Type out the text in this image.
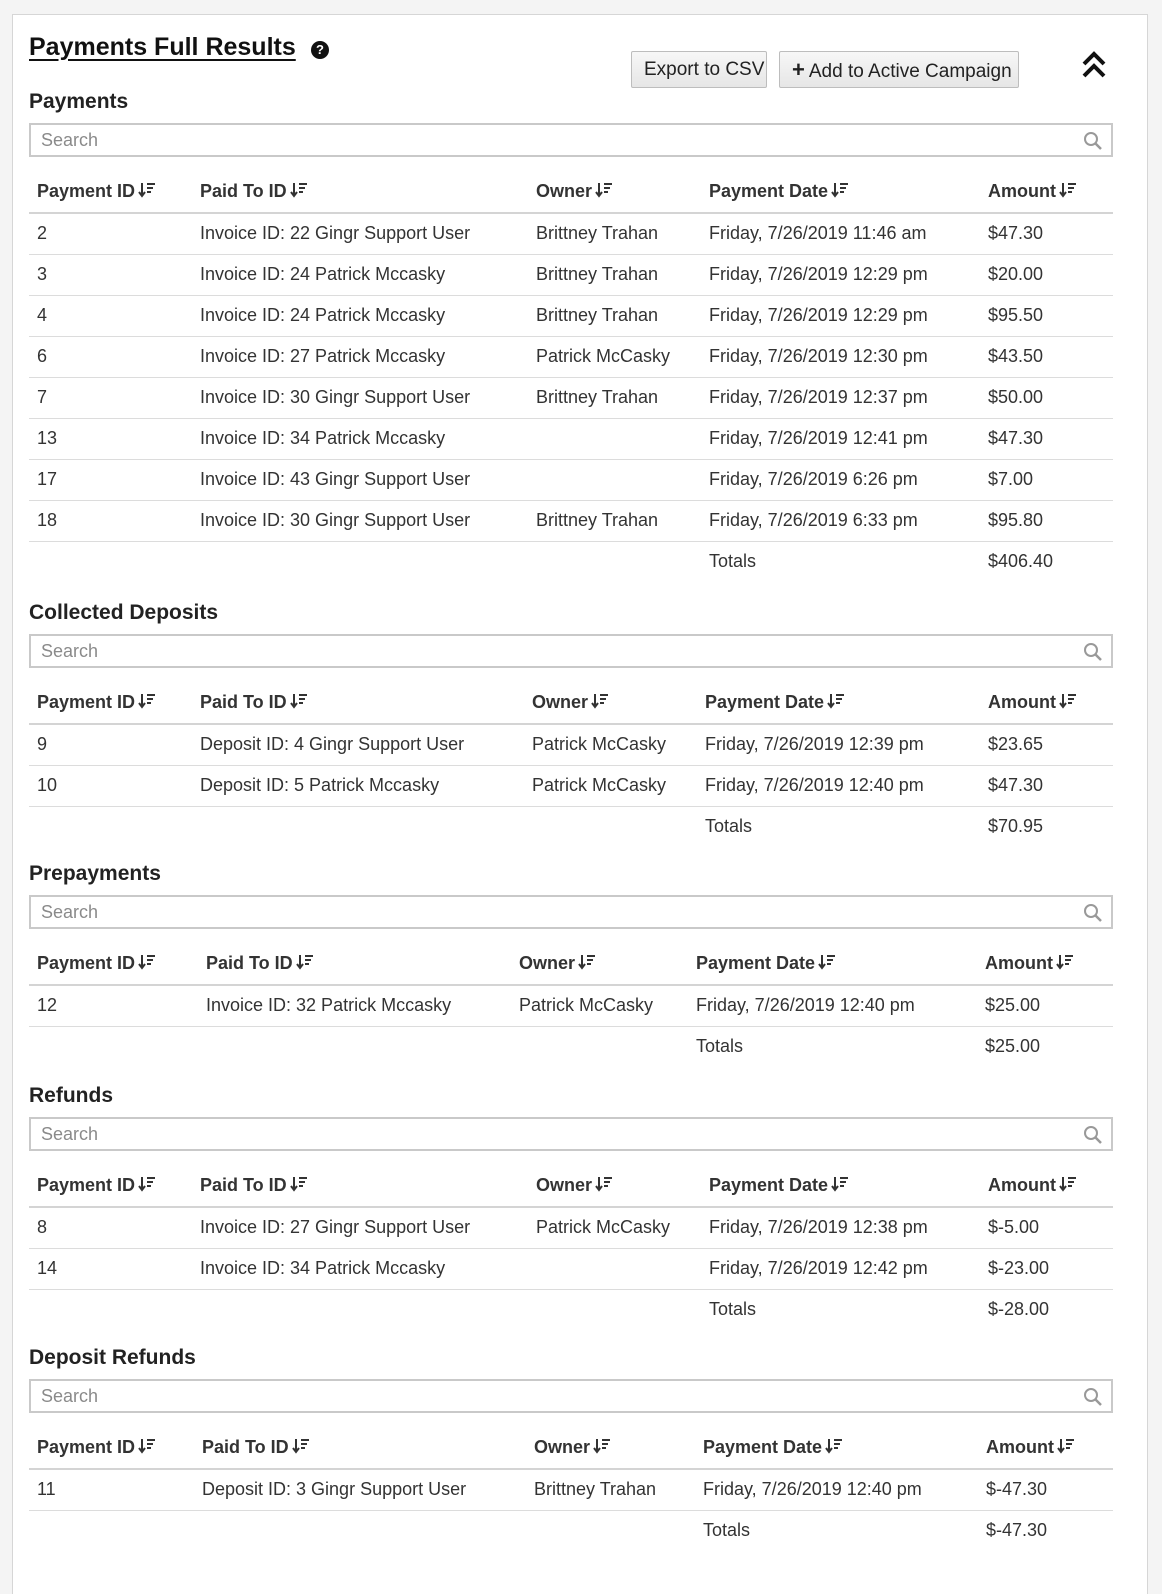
Payments Full Results	?
Export to CSV	+ Add to Active Campaign
Payments
Search
Payment ID	Paid To ID	Owner	Payment Date	Amount
2	Invoice ID: 22 Gingr Support User	Brittney Trahan	Friday, 7/26/2019 11:46 am	$47.30
3	Invoice ID: 24 Patrick Mccasky	Brittney Trahan	Friday, 7/26/2019 12:29 pm	$20.00
4	Invoice ID: 24 Patrick Mccasky	Brittney Trahan	Friday, 7/26/2019 12:29 pm	$95.50
6	Invoice ID: 27 Patrick Mccasky	Patrick McCasky	Friday, 7/26/2019 12:30 pm	$43.50
7	Invoice ID: 30 Gingr Support User	Brittney Trahan	Friday, 7/26/2019 12:37 pm	$50.00
13	Invoice ID: 34 Patrick Mccasky		Friday, 7/26/2019 12:41 pm	$47.30
17	Invoice ID: 43 Gingr Support User		Friday, 7/26/2019 6:26 pm	$7.00
18	Invoice ID: 30 Gingr Support User	Brittney Trahan	Friday, 7/26/2019 6:33 pm	$95.80
			Totals	$406.40
Collected Deposits
Search
Payment ID	Paid To ID	Owner	Payment Date	Amount
9	Deposit ID: 4 Gingr Support User	Patrick McCasky	Friday, 7/26/2019 12:39 pm	$23.65
10	Deposit ID: 5 Patrick Mccasky	Patrick McCasky	Friday, 7/26/2019 12:40 pm	$47.30
			Totals	$70.95
Prepayments
Search
Payment ID	Paid To ID	Owner	Payment Date	Amount
12	Invoice ID: 32 Patrick Mccasky	Patrick McCasky	Friday, 7/26/2019 12:40 pm	$25.00
			Totals	$25.00
Refunds
Search
Payment ID	Paid To ID	Owner	Payment Date	Amount
8	Invoice ID: 27 Gingr Support User	Patrick McCasky	Friday, 7/26/2019 12:38 pm	$-5.00
14	Invoice ID: 34 Patrick Mccasky		Friday, 7/26/2019 12:42 pm	$-23.00
			Totals	$-28.00
Deposit Refunds
Search
Payment ID	Paid To ID	Owner	Payment Date	Amount
11	Deposit ID: 3 Gingr Support User	Brittney Trahan	Friday, 7/26/2019 12:40 pm	$-47.30
			Totals	$-47.30
